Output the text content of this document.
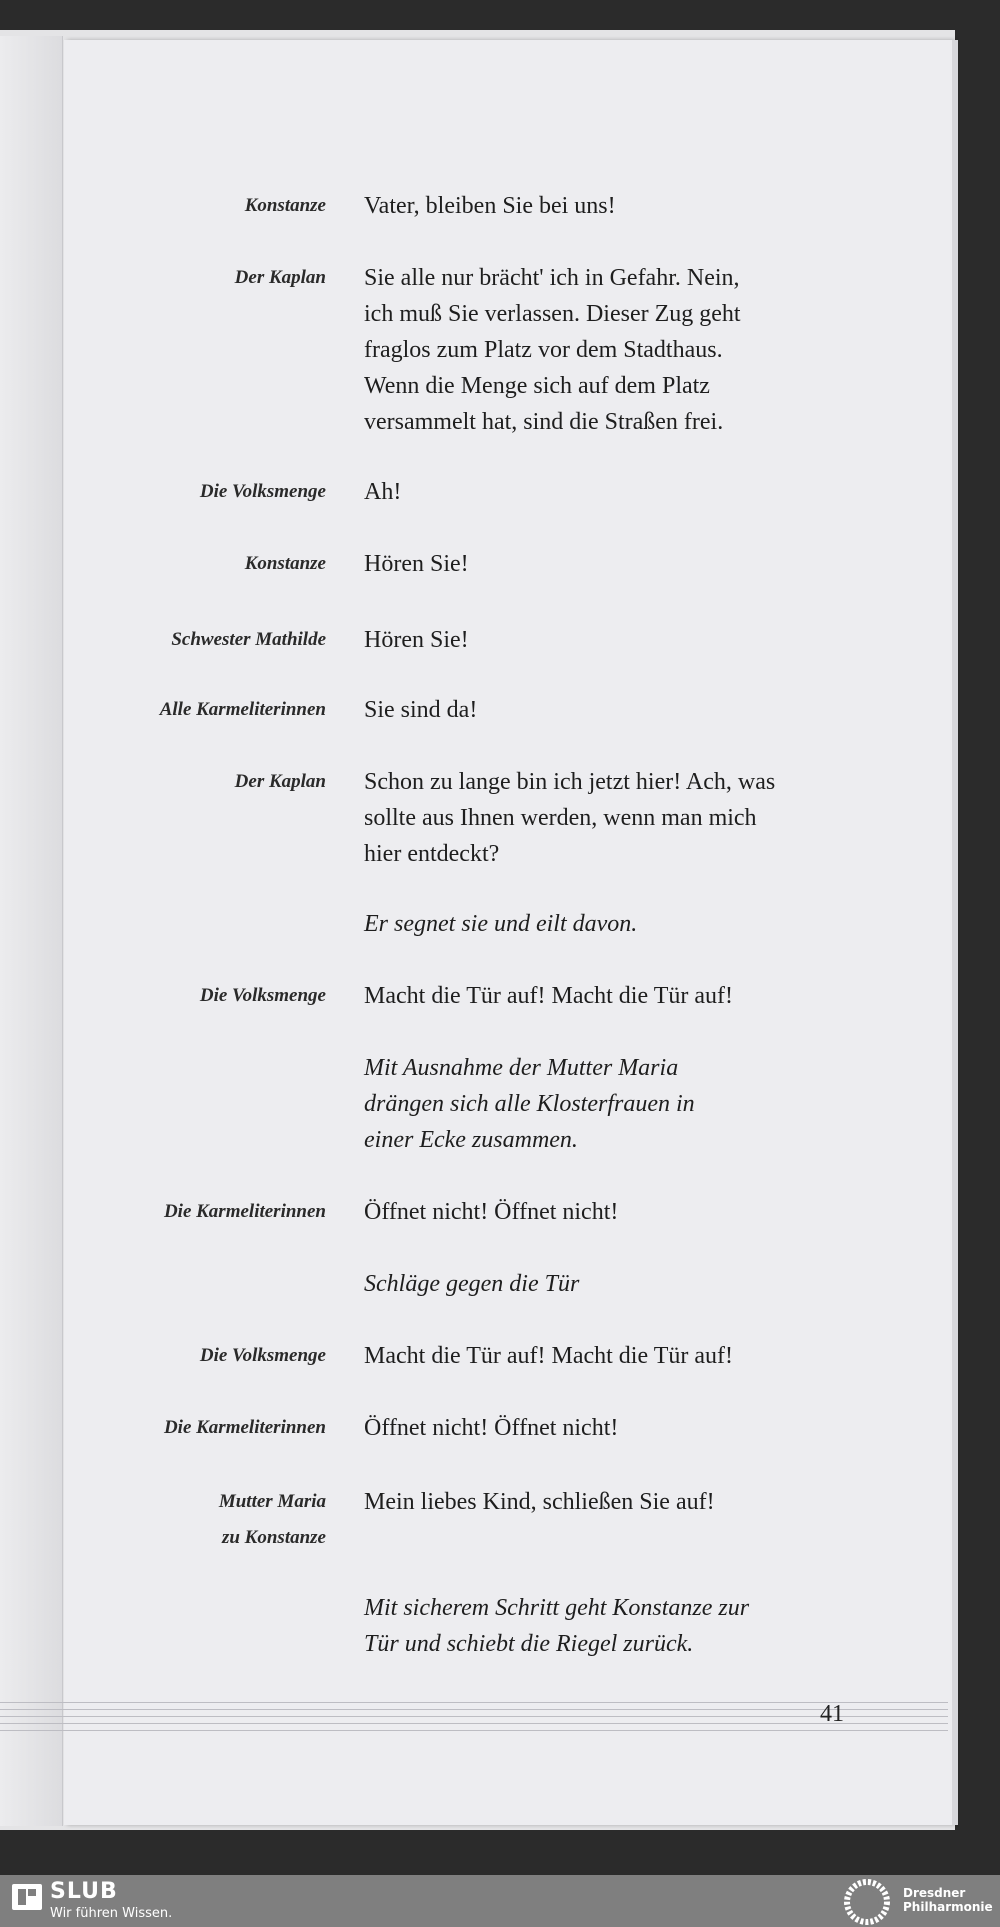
Konstanze Vater, bleiben Sie bei uns!

Der Kaplan Sie alle nur brächt' ich in Gefahr. Nein,

ich muß Sie verlassen. Dieser Zug geht

fraglos zum Platz vor dem Stadthaus.

Wenn die Menge sich auf dem Platz

versammelt hat, sind die Straßen frei.

Die Volksmenge Ah!

Konstanze Hören Sie!

Schwester Mathilde Hören Sie!

Alle Karmeliterinnen Sie sind da!

Der Kaplan Schon zu lange bin ich jetzt hier! Ach, was

sollte aus Ihnen werden, wenn man mich

hier entdeckt?

Er segnet sie und eilt davon.

Die Volksmenge Macht die Tür auf! Macht die Tür auf!

Mit Ausnahme der Mutter Maria

drängen sich alle Klosterfrauen in

einer Ecke zusammen.

Die Karmeliterinnen Öffnet nicht! Öffnet nicht!

Schläge gegen die Tür

Die Volksmenge Macht die Tür auf! Macht die Tür auf!

Die Karmeliterinnen Öffnet nicht! Öffnet nicht!

Mutter Maria
zu Konstanze

Mein liebes Kind, schließen Sie auf!

Mit sicherem Schritt geht Konstanze zur

Tür und schiebt die Riegel zurück.

41
SLUB
Wir führen Wissen.
Dresdner
Philharmonie
